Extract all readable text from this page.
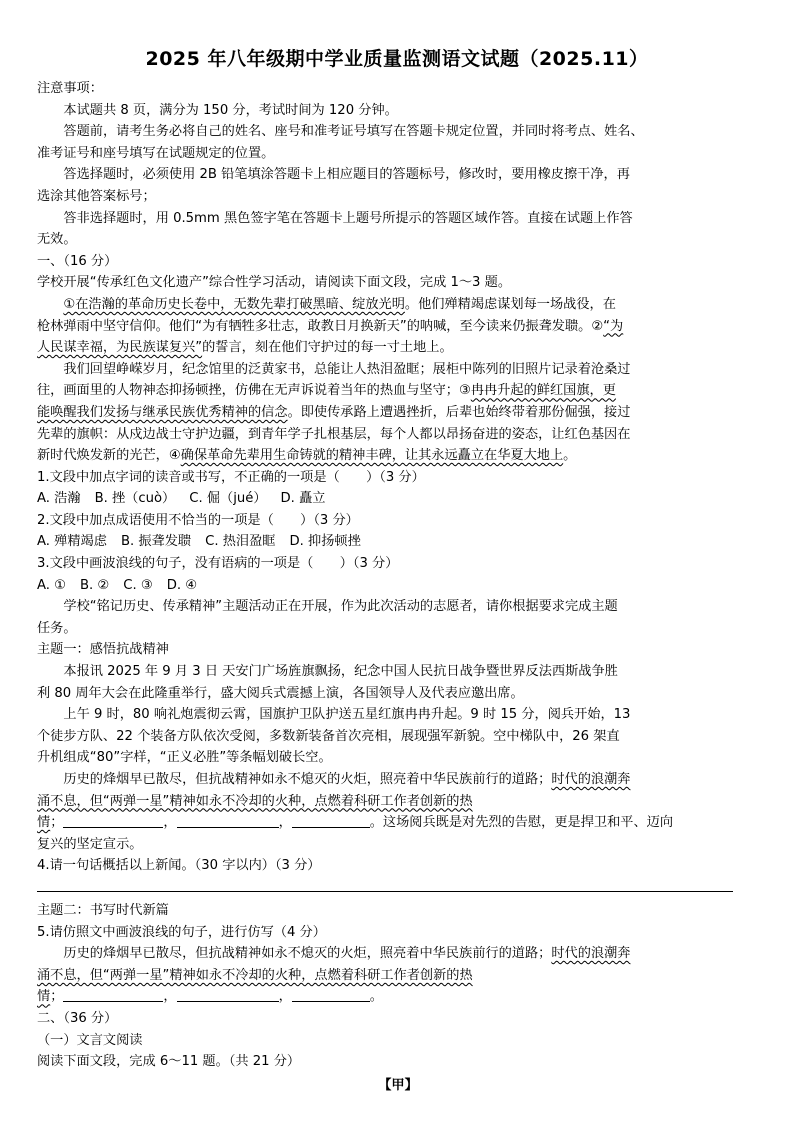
2025 年八年级期中学业质量监测语文试题（2025.11）
注意事项：
本试题共 8 页，满分为 150 分，考试时间为 120 分钟。
答题前，请考生务必将自己的姓名、座号和准考证号填写在答题卡规定位置，并同时将考点、姓名、
准考证号和座号填写在试题规定的位置。
答选择题时，必须使用 2B 铅笔填涂答题卡上相应题目的答题标号，修改时，要用橡皮擦干净，再
选涂其他答案标号；
答非选择题时，用 0.5mm 黑色签字笔在答题卡上题号所提示的答题区域作答。直接在试题上作答
无效。
一、（16 分）
学校开展“传承红色文化遗产”综合性学习活动，请阅读下面文段，完成 1～3 题。
①在浩瀚的革命历史长卷中，无数先辈打破黑暗、绽放光明。他们殚精竭虑谋划每一场战役，在
枪林弹雨中坚守信仰。他们“为有牺牲多壮志，敢教日月换新天”的呐喊，至今读来仍振聋发聩。②“为
人民谋幸福，为民族谋复兴”的誓言，刻在他们守护过的每一寸土地上。
我们回望峥嵘岁月，纪念馆里的泛黄家书，总能让人热泪盈眶；展柜中陈列的旧照片记录着沧桑过
往，画面里的人物神态抑扬顿挫，仿佛在无声诉说着当年的热血与坚守；③冉冉升起的鲜红国旗，更
能唤醒我们发扬与继承民族优秀精神的信念。即使传承路上遭遇挫折，后辈也始终带着那份倔强，接过
先辈的旗帜：从戍边战士守护边疆，到青年学子扎根基层，每个人都以昂扬奋进的姿态，让红色基因在
新时代焕发新的光芒，④确保革命先辈用生命铸就的精神丰碑，让其永远矗立在华夏大地上。
1.文段中加点字词的读音或书写，不正确的一项是（　　）（3 分）
A. 浩瀚 B. 挫（cuò） C. 倔（jué） D. 矗立
2.文段中加点成语使用不恰当的一项是（　　）（3 分）
A. 殚精竭虑 B. 振聋发聩 C. 热泪盈眶 D. 抑扬顿挫
3.文段中画波浪线的句子，没有语病的一项是（　　）（3 分）
A. ① B. ② C. ③ D. ④
学校“铭记历史、传承精神”主题活动正在开展，作为此次活动的志愿者，请你根据要求完成主题
任务。
主题一：感悟抗战精神
本报讯 2025 年 9 月 3 日 天安门广场旌旗飘扬，纪念中国人民抗日战争暨世界反法西斯战争胜
利 80 周年大会在此隆重举行，盛大阅兵式震撼上演，各国领导人及代表应邀出席。
上午 9 时，80 响礼炮震彻云霄，国旗护卫队护送五星红旗冉冉升起。9 时 15 分，阅兵开始，13
个徒步方队、22 个装备方队依次受阅，多数新装备首次亮相，展现强军新貌。空中梯队中，26 架直
升机组成“80”字样，“正义必胜”等条幅划破长空。
历史的烽烟早已散尽，但抗战精神如永不熄灭的火炬，照亮着中华民族前行的道路；时代的浪潮奔
涌不息，但“两弹一星”精神如永不冷却的火种，点燃着科研工作者创新的热
情；	，	，	。这场阅兵既是对先烈的告慰，更是捍卫和平、迈向
复兴的坚定宣示。
4.请一句话概括以上新闻。（30 字以内）（3 分）
主题二：书写时代新篇
5.请仿照文中画波浪线的句子，进行仿写（4 分）
历史的烽烟早已散尽，但抗战精神如永不熄灭的火炬，照亮着中华民族前行的道路；时代的浪潮奔
涌不息，但“两弹一星”精神如永不冷却的火种，点燃着科研工作者创新的热
情；	，	，	。
二、（36 分）
（一）文言文阅读
阅读下面文段，完成 6～11 题。（共 21 分）
【甲】
